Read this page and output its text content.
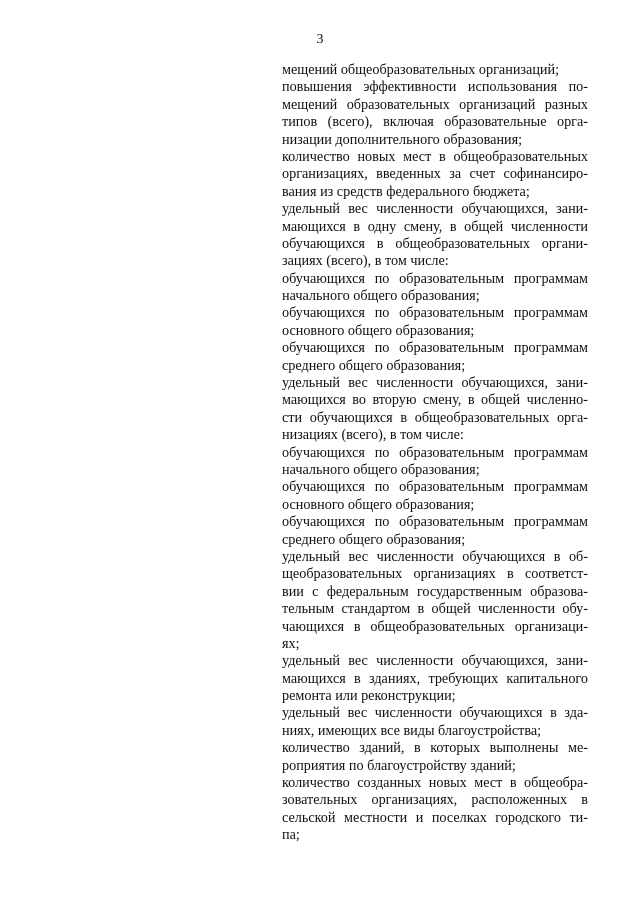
3
мещений общеобразовательных организаций;
повышения эффективности использования по-
мещений образовательных организаций разных
типов (всего), включая образовательные орга-
низации дополнительного образования;
количество новых мест в общеобразовательных
организациях, введенных за счет софинансиро-
вания из средств федерального бюджета;
удельный вес численности обучающихся, зани-
мающихся в одну смену, в общей численности
обучающихся в общеобразовательных органи-
зациях (всего), в том числе:
обучающихся по образовательным программам
начального общего образования;
обучающихся по образовательным программам
основного общего образования;
обучающихся по образовательным программам
среднего общего образования;
удельный вес численности обучающихся, зани-
мающихся во вторую смену, в общей численно-
сти обучающихся в общеобразовательных орга-
низациях (всего), в том числе:
обучающихся по образовательным программам
начального общего образования;
обучающихся по образовательным программам
основного общего образования;
обучающихся по образовательным программам
среднего общего образования;
удельный вес численности обучающихся в об-
щеобразовательных организациях в соответст-
вии с федеральным государственным образова-
тельным стандартом в общей численности обу-
чающихся в общеобразовательных организаци-
ях;
удельный вес численности обучающихся, зани-
мающихся в зданиях, требующих капитального
ремонта или реконструкции;
удельный вес численности обучающихся в зда-
ниях, имеющих все виды благоустройства;
количество зданий, в которых выполнены ме-
роприятия по благоустройству зданий;
количество созданных новых мест в общеобра-
зовательных организациях, расположенных в
сельской местности и поселках городского ти-
па;
